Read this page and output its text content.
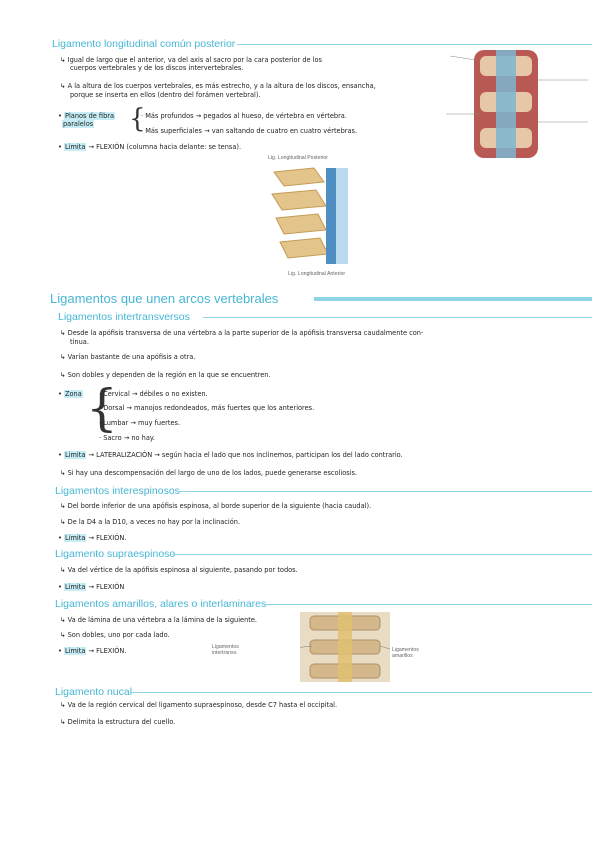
Ligamento longitudinal común posterior
↳ Igual de largo que el anterior, va del axis al sacro por la cara posterior de los
cuerpos vertebrales y de los discos intervertebrales.
↳ A la altura de los cuerpos vertebrales, es más estrecho, y a la altura de los discos, ensancha,
porque se inserta en ellos (dentro del forámen vertebral).
• Planos de fibra
paralelos {
· Más profundos → pegados al hueso, de vértebra en vértebra.
· Más superficiales → van saltando de cuatro en cuatro vértebras.
• Limita → FLEXIÓN (columna hacia delante: se tensa).
Lig. Longitudinal Posterior
Lig. Longitudinal Anterior
Ligamentos que unen arcos vertebrales
Ligamentos intertransversos
↳ Desde la apófisis transversa de una vértebra a la parte superior de la apófisis transversa caudalmente con-
tinua.
↳ Varían bastante de una apófisis a otra.
↳ Son dobles y dependen de la región en la que se encuentren.
• Zona {
· Cervical → débiles o no existen.
· Dorsal → manojos redondeados, más fuertes que los anteriores.
· Lumbar → muy fuertes.
· Sacro → no hay.
• Limita → LATERALIZACIÓN → según hacia el lado que nos inclinemos, participan los del lado contrario.
↳ Si hay una descompensación del largo de uno de los lados, puede generarse escoliosis.
Ligamentos interespinosos
↳ Del borde inferior de una apófisis espinosa, al borde superior de la siguiente (hacia caudal).
↳ De la D4 a la D10, a veces no hay por la inclinación.
• Limita → FLEXIÓN.
Ligamento supraespinoso
↳ Va del vértice de la apófisis espinosa al siguiente, pasando por todos.
• Limita → FLEXIÓN
Ligamentos amarillos, alares o interlaminares
↳ Va de lámina de una vértebra a la lámina de la siguiente.
↳ Son dobles, uno por cada lado.
• Limita → FLEXIÓN.	Ligamentos intertransv.	Ligamentos amarillos
Ligamento nucal
↳ Va de la región cervical del ligamento supraespinoso, desde C7 hasta el occipital.
↳ Delimita la estructura del cuello.
